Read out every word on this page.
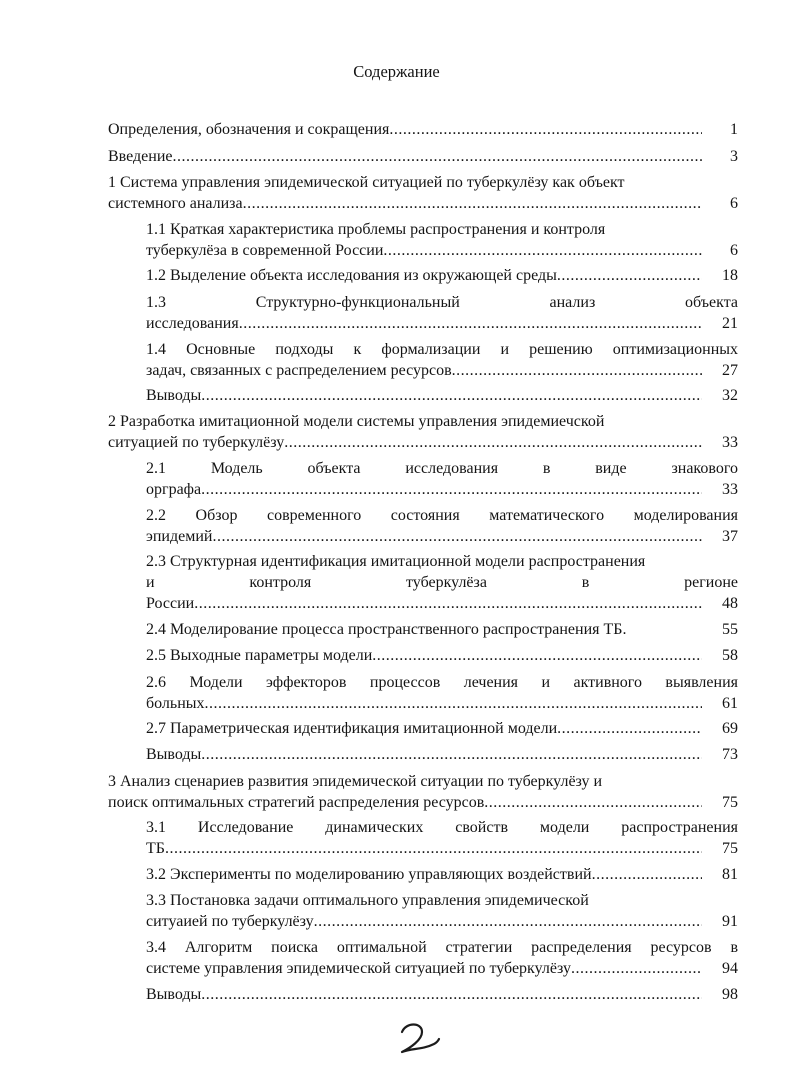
Содержание
Определения, обозначения и сокращения .....	1
Введение .....	3
1 Система управления эпидемической ситуацией по туберкулёзу как объект
системного анализа .....	6
1.1 Краткая характеристика проблемы распространения и контроля
туберкулёза в современной России .....	6
1.2 Выделение объекта исследования из окружающей среды .....	18
1.3 Структурно-функциональный анализ объекта
исследования .....	21
1.4 Основные подходы к формализации и решению оптимизационных
задач, связанных с распределением ресурсов .....	27
Выводы .....	32
2 Разработка имитационной модели системы управления эпидемиечской
ситуацией по туберкулёзу .....	33
2.1 Модель объекта исследования в виде знакового
орграфа .....	33
2.2 Обзор современного состояния математического моделирования
эпидемий .....	37
2.3 Структурная идентификация имитационной модели распространения
и контроля туберкулёза в регионе
России .....	48
2.4 Моделирование процесса пространственного распространения ТБ.	55
2.5 Выходные параметры модели .....	58
2.6 Модели эффекторов процессов лечения и активного выявления
больных .....	61
2.7 Параметрическая идентификация имитационной модели .....	69
Выводы .....	73
3 Анализ сценариев развития эпидемической ситуации по туберкулёзу и
поиск оптимальных стратегий распределения ресурсов .....	75
3.1 Исследование динамических свойств модели распространения
ТБ .....	75
3.2 Эксперименты по моделированию управляющих воздействий .....	81
3.3 Постановка задачи оптимального управления эпидемической
ситуаией по туберкулёзу .....	91
3.4 Алгоритм поиска оптимальной стратегии распределения ресурсов в
системе управления эпидемической ситуацией по туберкулёзу .....	94
Выводы .....	98
